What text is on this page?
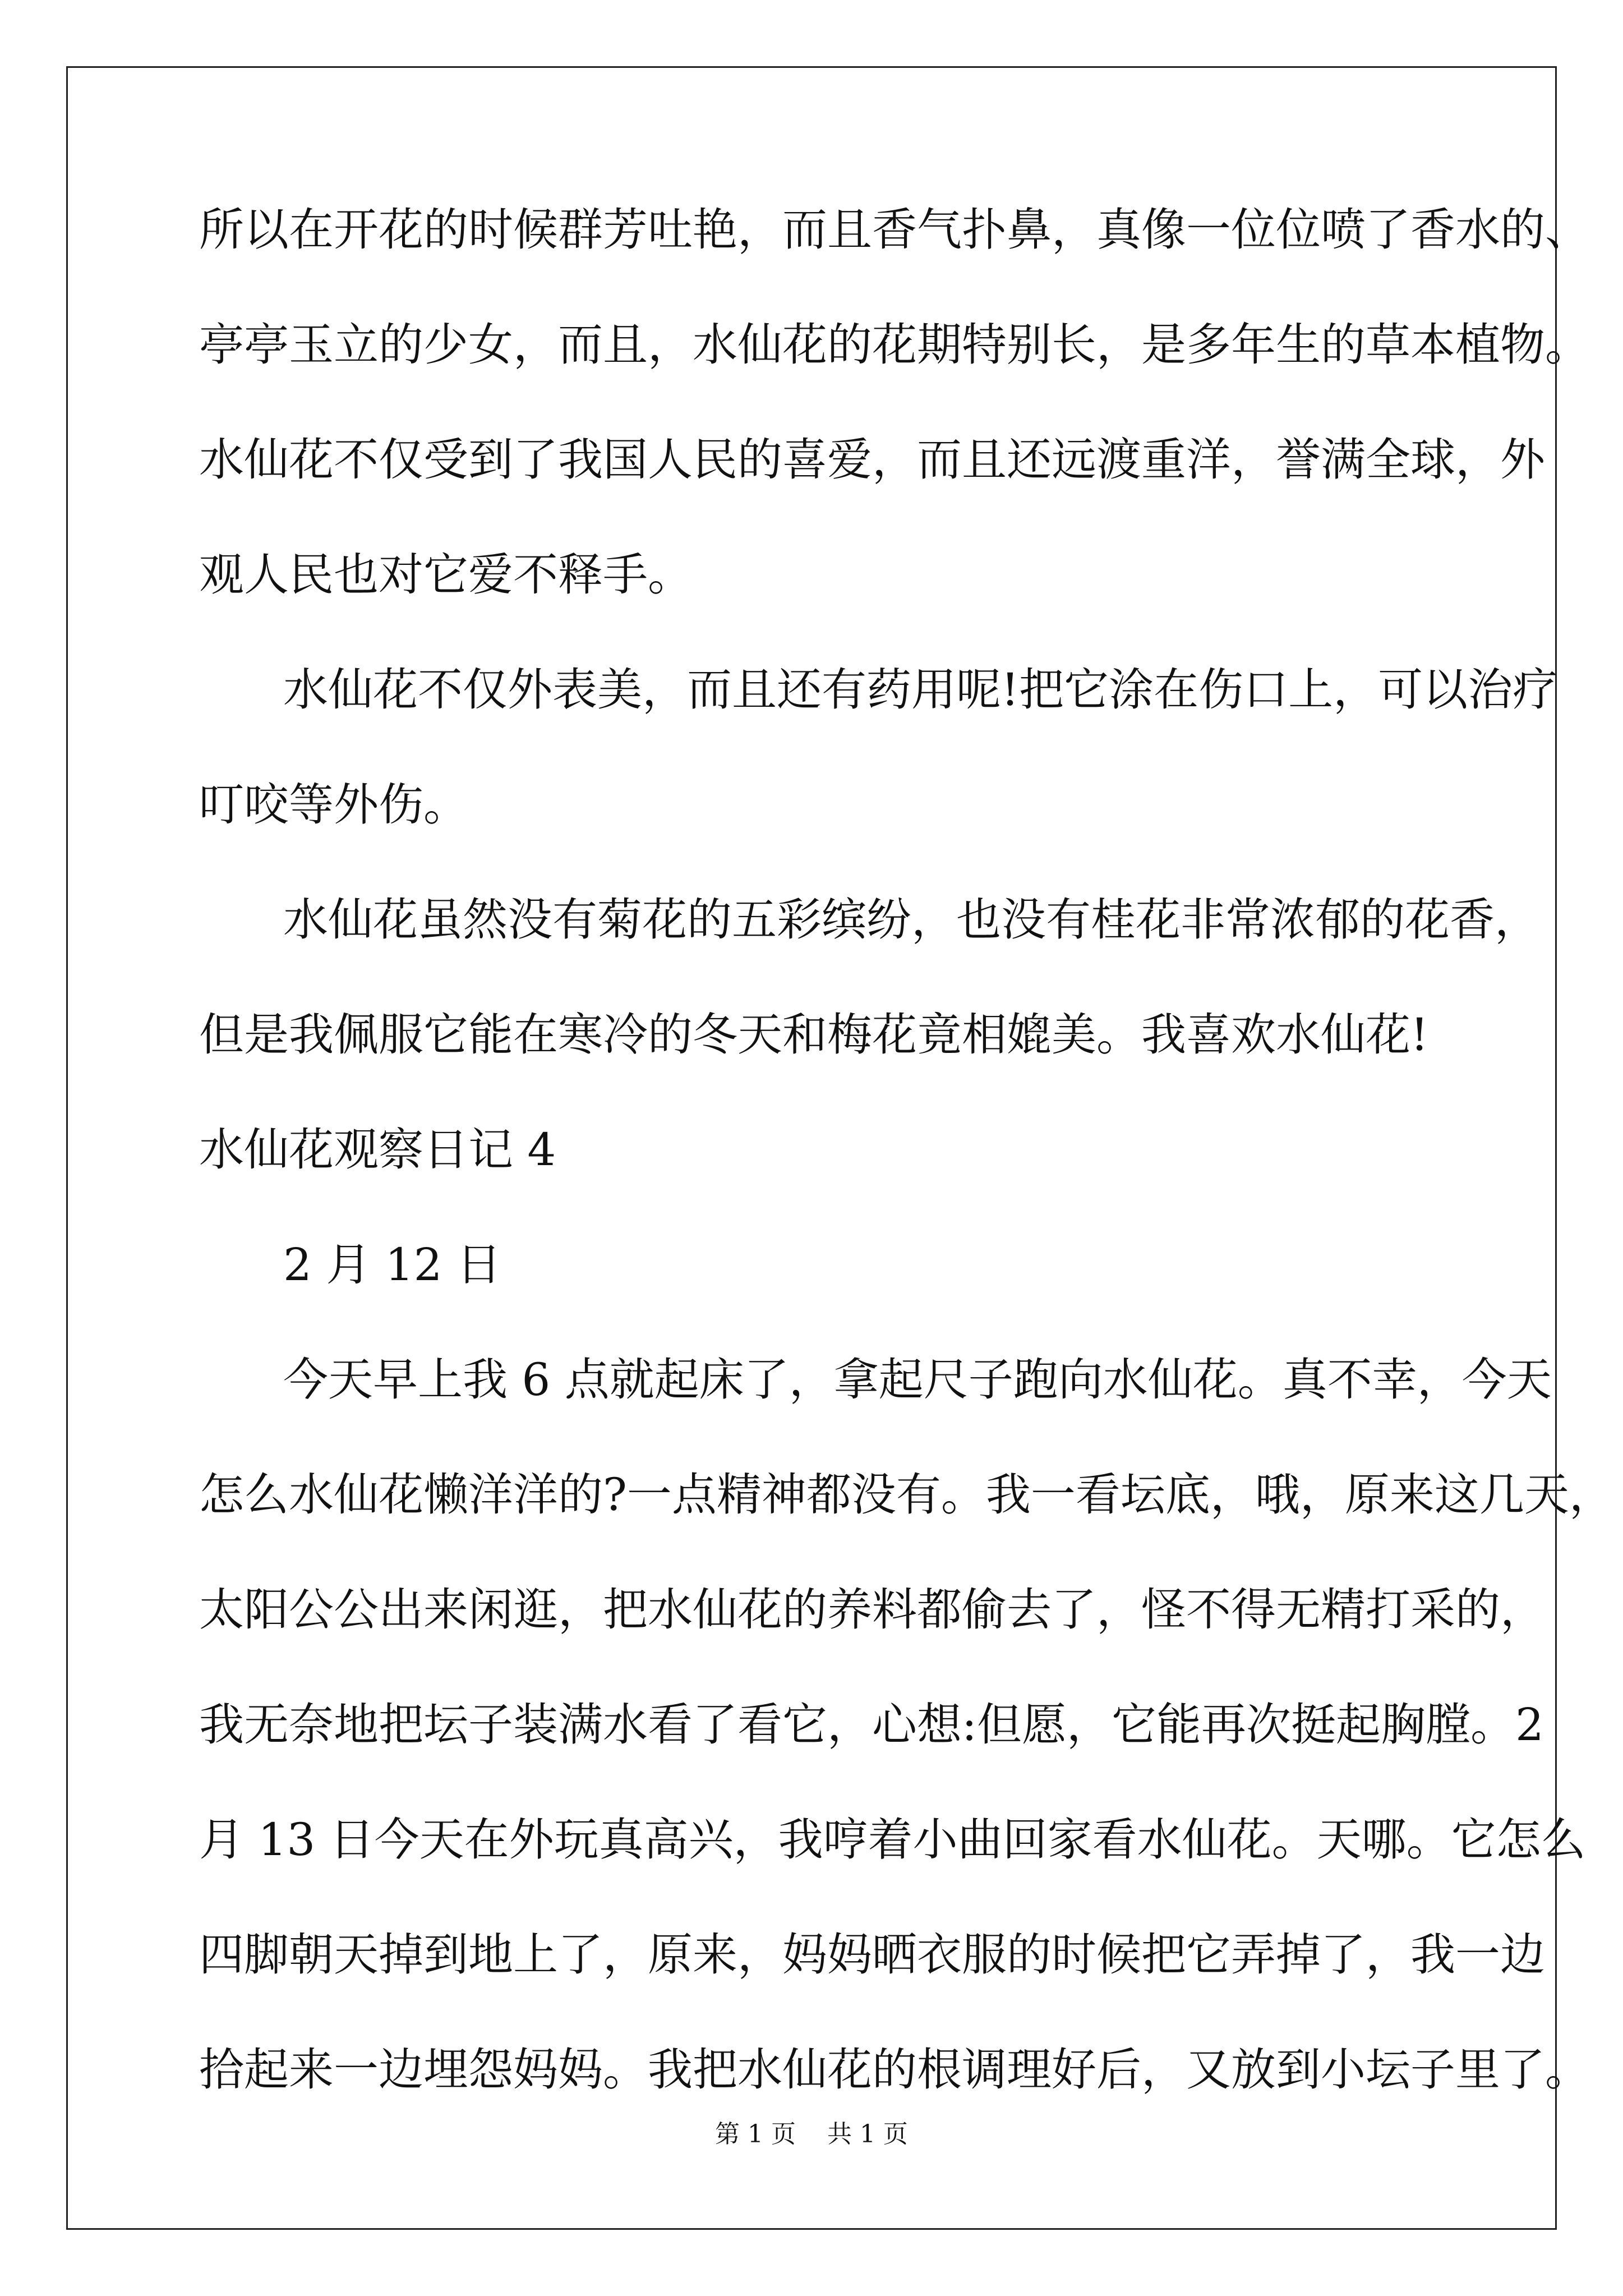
所以在开花的时候群芳吐艳，而且香气扑鼻，真像一位位喷了香水的、
亭亭玉立的少女，而且，水仙花的花期特别长，是多年生的草本植物。
水仙花不仅受到了我国人民的喜爱，而且还远渡重洋，誉满全球，外
观人民也对它爱不释手。
水仙花不仅外表美，而且还有药用呢!把它涂在伤口上，可以治疗
叮咬等外伤。
水仙花虽然没有菊花的五彩缤纷，也没有桂花非常浓郁的花香，
但是我佩服它能在寒冷的冬天和梅花竟相媲美。我喜欢水仙花!
水仙花观察日记 4
2 月 12 日
今天早上我 6 点就起床了，拿起尺子跑向水仙花。真不幸，今天
怎么水仙花懒洋洋的?一点精神都没有。我一看坛底，哦，原来这几天，
太阳公公出来闲逛，把水仙花的养料都偷去了，怪不得无精打采的，
我无奈地把坛子装满水看了看它，心想:但愿，它能再次挺起胸膛。2
月 13 日今天在外玩真高兴，我哼着小曲回家看水仙花。天哪。它怎么
四脚朝天掉到地上了，原来，妈妈晒衣服的时候把它弄掉了，我一边
拾起来一边埋怨妈妈。我把水仙花的根调理好后，又放到小坛子里了。
第 1 页    共 1 页
